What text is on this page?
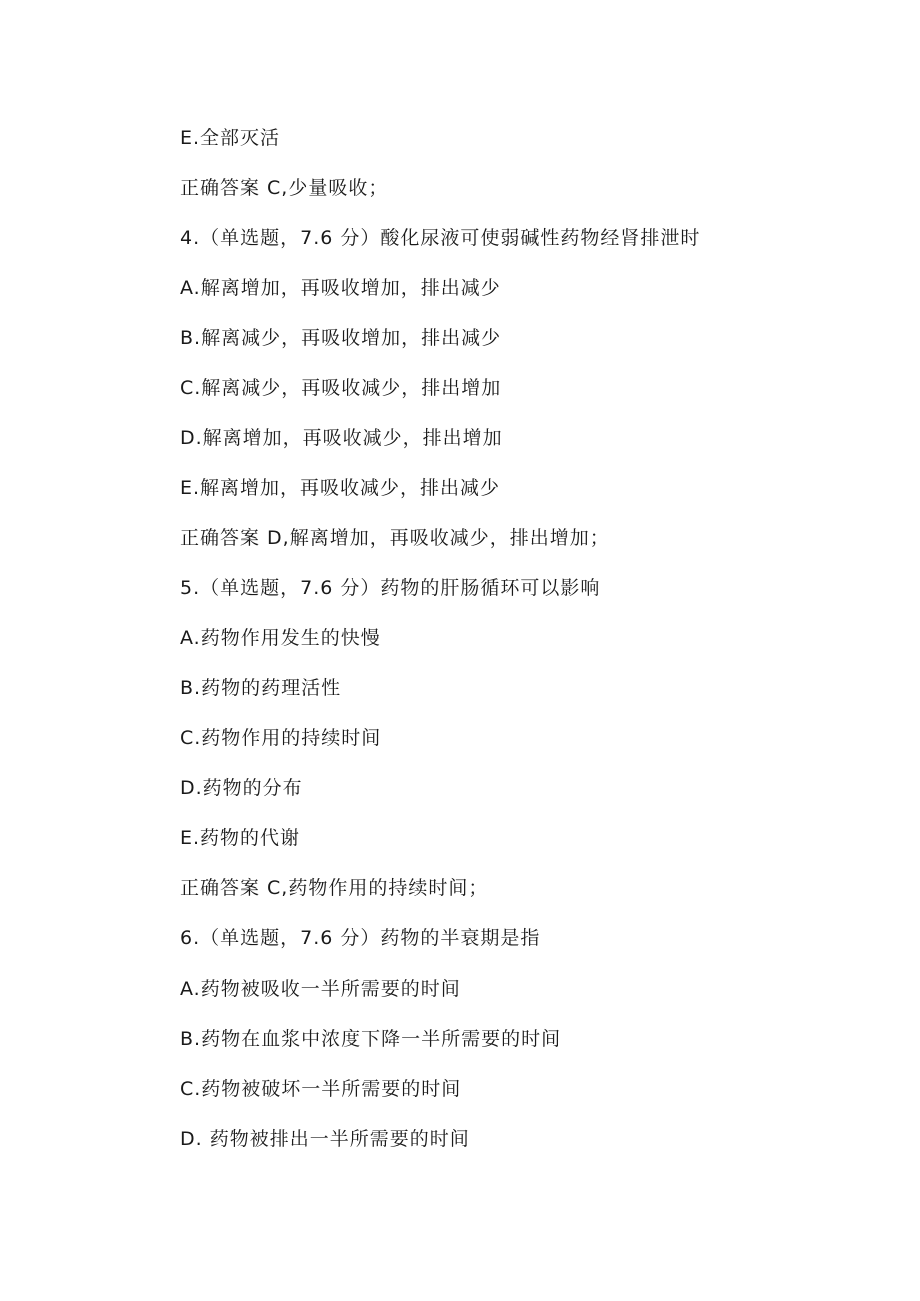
E.全部灭活

正确答案 C,少量吸收；

4.（单选题，7.6 分）酸化尿液可使弱碱性药物经肾排泄时

A.解离增加，再吸收增加，排出减少

B.解离减少，再吸收增加，排出减少

C.解离减少，再吸收减少，排出增加

D.解离增加，再吸收减少，排出增加

E.解离增加，再吸收减少，排出减少

正确答案 D,解离增加，再吸收减少，排出增加；

5.（单选题，7.6 分）药物的肝肠循环可以影响

A.药物作用发生的快慢

B.药物的药理活性

C.药物作用的持续时间

D.药物的分布

E.药物的代谢

正确答案 C,药物作用的持续时间；

6.（单选题，7.6 分）药物的半衰期是指

A.药物被吸收一半所需要的时间

B.药物在血浆中浓度下降一半所需要的时间

C.药物被破坏一半所需要的时间

D. 药物被排出一半所需要的时间
